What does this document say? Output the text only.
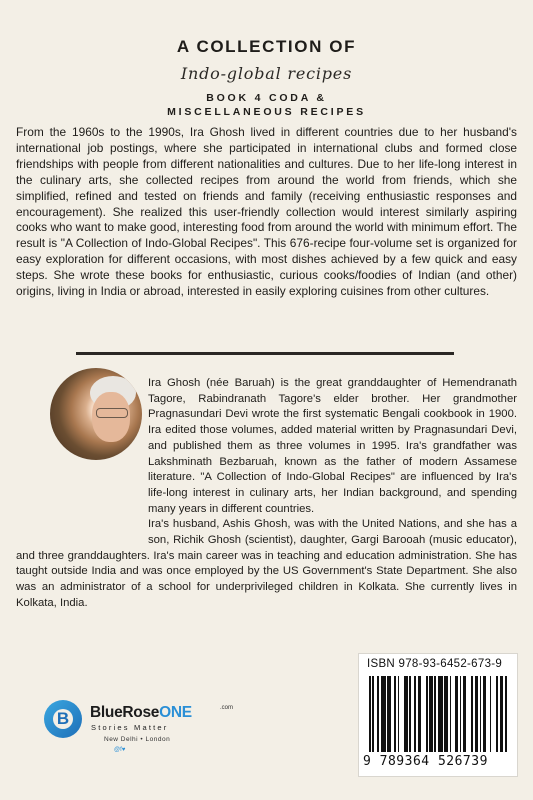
A COLLECTION OF
Indo-global recipes
BOOK 4 CODA &
MISCELLANEOUS RECIPES
From the 1960s to the 1990s, Ira Ghosh lived in different countries due to her husband's international job postings, where she participated in international clubs and formed close friendships with people from different nationalities and cultures. Due to her life-long interest in the culinary arts, she collected recipes from around the world from friends, which she simplified, refined and tested on friends and family (receiving enthusiastic responses and encouragement). She realized this user-friendly collection would interest similarly aspiring cooks who want to make good, interesting food from around the world with minimum effort. The result is "A Collection of Indo-Global Recipes". This 676-recipe four-volume set is organized for easy exploration for different occasions, with most dishes achieved by a few quick and easy steps. She wrote these books for enthusiastic, curious cooks/foodies of Indian (and other) origins, living in India or abroad, interested in easily exploring cuisines from other cultures.

Ira Ghosh (née Baruah) is the great granddaughter of Hemendranath Tagore, Rabindranath Tagore's elder brother. Her grandmother Pragnasundari Devi wrote the first systematic Bengali cookbook in 1900. Ira edited those volumes, added material written by Pragnasundari Devi, and published them as three volumes in 1995. Ira's grandfather was Lakshminath Bezbaruah, known as the father of modern Assamese literature. "A Collection of Indo-Global Recipes" are influenced by Ira's life-long interest in culinary arts, her Indian background, and spending many years in different countries.

Ira's husband, Ashis Ghosh, was with the United Nations, and she has a son, Richik Ghosh (scientist), daughter, Gargi Barooah (music educator), and three granddaughters. Ira's main career was in teaching and education administration. She has taught outside India and was once employed by the US Government's State Department. She also was an administrator of a school for underprivileged children in Kolkata. She currently lives in Kolkata, India.

B	BlueRoseONE	.com
Stories Matter
New Delhi • London
@f♥
ISBN 978-93-6452-673-9
9 789364 526739
